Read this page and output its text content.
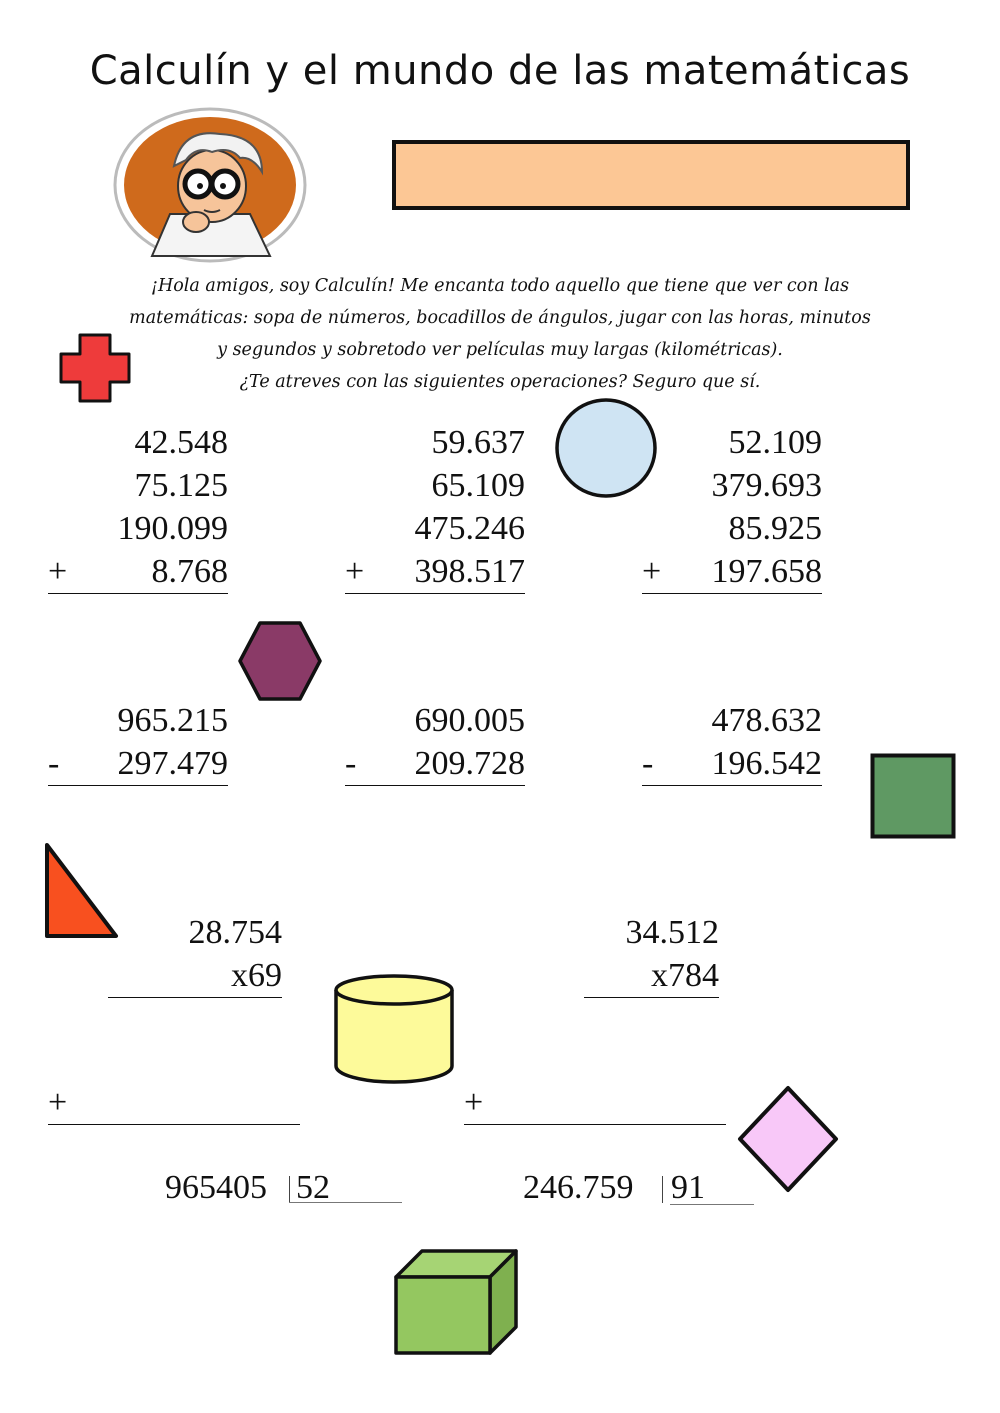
Calculín y el mundo de las matemáticas
¡Hola amigos, soy Calculín! Me encanta todo aquello que tiene que ver con las
matemáticas: sopa de números, bocadillos de ángulos, jugar con las horas, minutos
y segundos y sobretodo ver películas muy largas (kilométricas).
¿Te atreves con las siguientes operaciones? Seguro que sí.
42.548
75.125
190.099
+	8.768
59.637
65.109
475.246
+	398.517
52.109
379.693
85.925
+	197.658
965.215
-	297.479
690.005
-	209.728
478.632
-	196.542
28.754
x69
34.512
x784
+	+
965405 52	246.759 91
